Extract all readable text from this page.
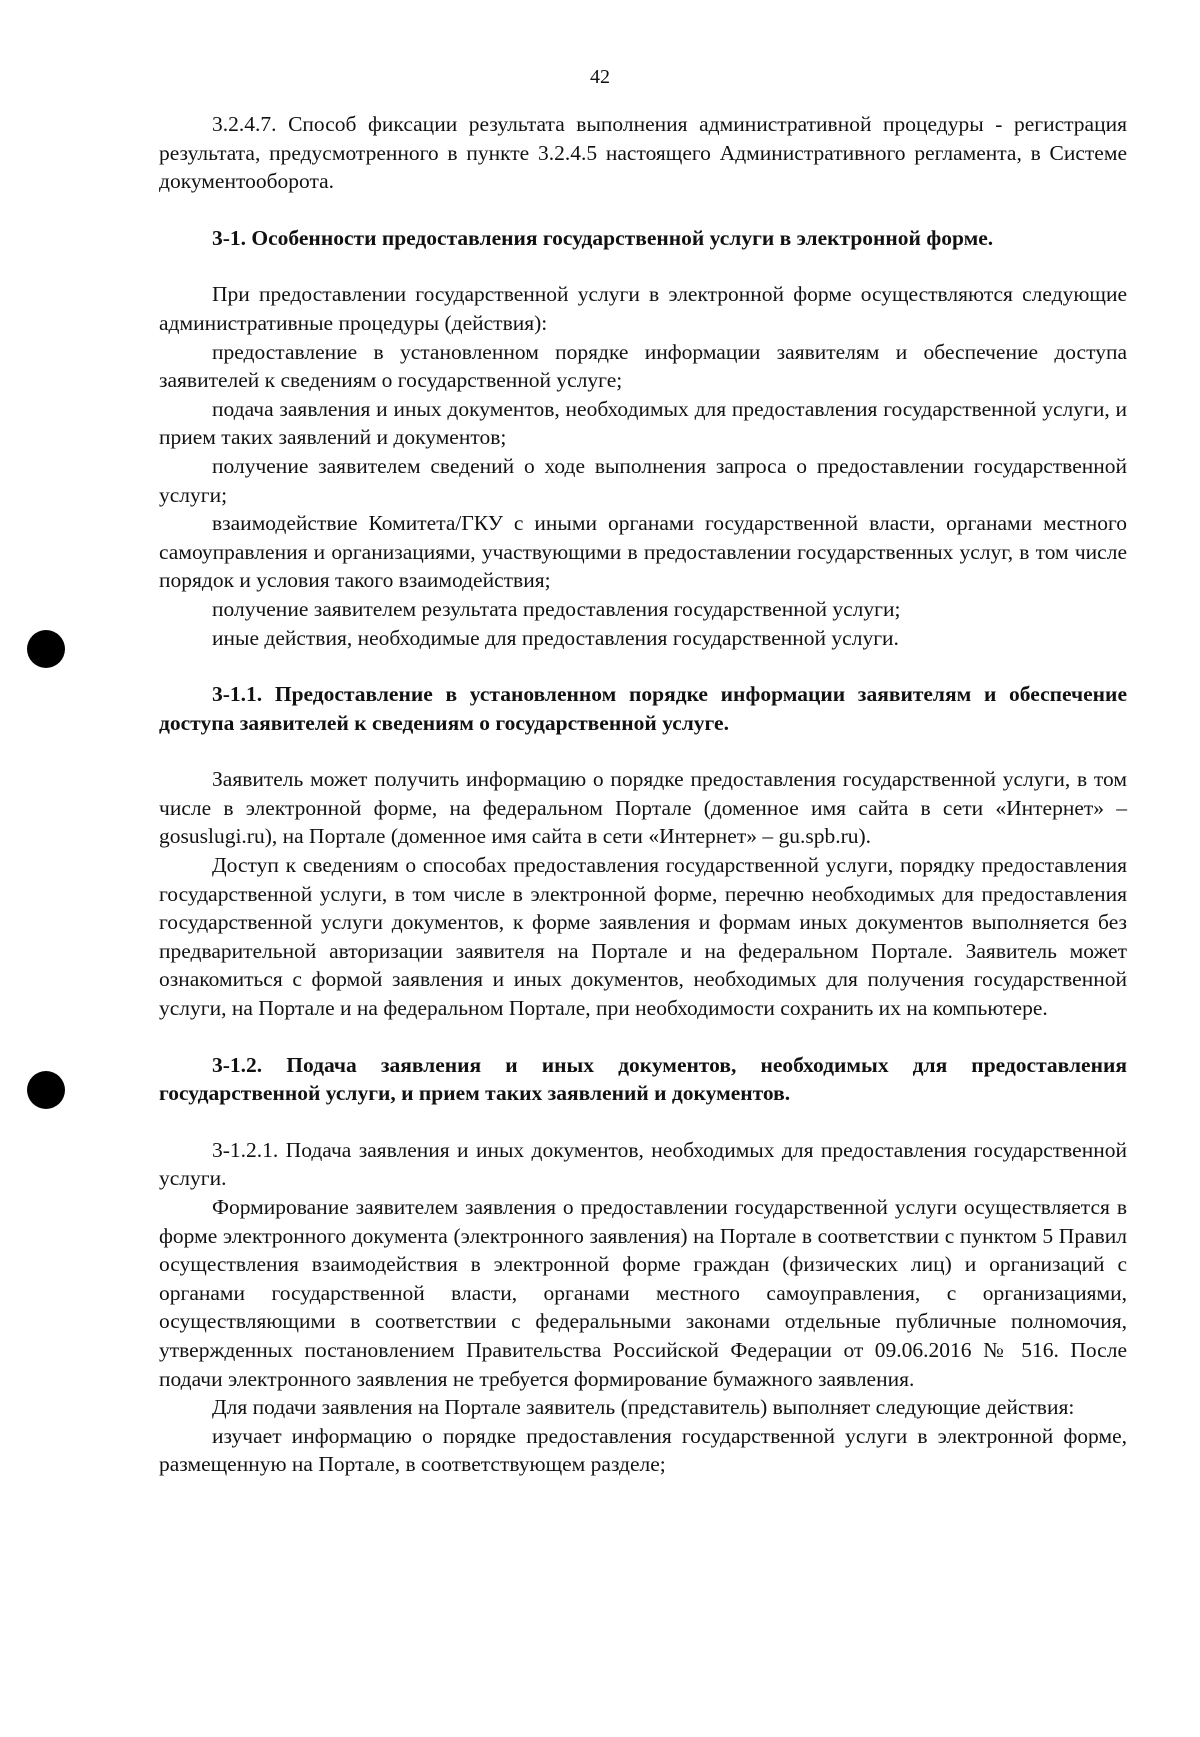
42

3.2.4.7. Способ фиксации результата выполнения административной процедуры - регистрация результата, предусмотренного в пункте 3.2.4.5 настоящего Административного регламента, в Системе документооборота.

3-1. Особенности предоставления государственной услуги в электронной форме.

При предоставлении государственной услуги в электронной форме осуществляются следующие административные процедуры (действия):

предоставление в установленном порядке информации заявителям и обеспечение доступа заявителей к сведениям о государственной услуге;

подача заявления и иных документов, необходимых для предоставления государственной услуги, и прием таких заявлений и документов;

получение заявителем сведений о ходе выполнения запроса о предоставлении государственной услуги;

взаимодействие Комитета/ГКУ с иными органами государственной власти, органами местного самоуправления и организациями, участвующими в предоставлении государственных услуг, в том числе порядок и условия такого взаимодействия;

получение заявителем результата предоставления государственной услуги;

иные действия, необходимые для предоставления государственной услуги.

3-1.1. Предоставление в установленном порядке информации заявителям и обеспечение доступа заявителей к сведениям о государственной услуге.

Заявитель может получить информацию о порядке предоставления государственной услуги, в том числе в электронной форме, на федеральном Портале (доменное имя сайта в сети «Интернет» – gosuslugi.ru), на Портале (доменное имя сайта в сети «Интернет» – gu.spb.ru).

Доступ к сведениям о способах предоставления государственной услуги, порядку предоставления государственной услуги, в том числе в электронной форме, перечню необходимых для предоставления государственной услуги документов, к форме заявления и формам иных документов выполняется без предварительной авторизации заявителя на Портале и на федеральном Портале. Заявитель может ознакомиться с формой заявления и иных документов, необходимых для получения государственной услуги, на Портале и на федеральном Портале, при необходимости сохранить их на компьютере.

3-1.2. Подача заявления и иных документов, необходимых для предоставления государственной услуги, и прием таких заявлений и документов.

3-1.2.1. Подача заявления и иных документов, необходимых для предоставления государственной услуги.

Формирование заявителем заявления о предоставлении государственной услуги осуществляется в форме электронного документа (электронного заявления) на Портале в соответствии с пунктом 5 Правил осуществления взаимодействия в электронной форме граждан (физических лиц) и организаций с органами государственной власти, органами местного самоуправления, с организациями, осуществляющими в соответствии с федеральными законами отдельные публичные полномочия, утвержденных постановлением Правительства Российской Федерации от 09.06.2016 № 516. После подачи электронного заявления не требуется формирование бумажного заявления.

Для подачи заявления на Портале заявитель (представитель) выполняет следующие действия:

изучает информацию о порядке предоставления государственной услуги в электронной форме, размещенную на Портале, в соответствующем разделе;
